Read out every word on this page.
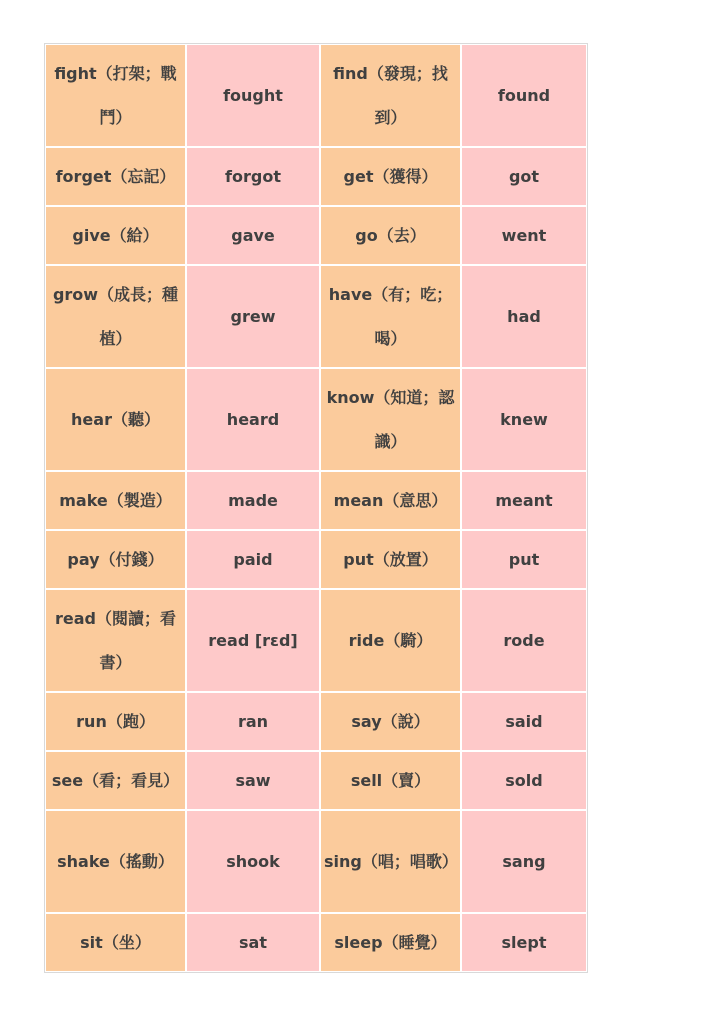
fight（打架；戰鬥）	fought	find（發現；找到）	found
forget（忘記）	forgot	get（獲得）	got
give（給）	gave	go（去）	went
grow（成長；種植）	grew	have（有；吃；喝）	had
hear（聽）	heard	know（知道；認識）	knew
make（製造）	made	mean（意思）	meant
pay（付錢）	paid	put（放置）	put
read（閱讀；看書）	read [rɛd]	ride（騎）	rode
run（跑）	ran	say（說）	said
see（看；看見）	saw	sell（賣）	sold
shake（搖動）	shook	sing（唱；唱歌）	sang
sit（坐）	sat	sleep（睡覺）	slept
